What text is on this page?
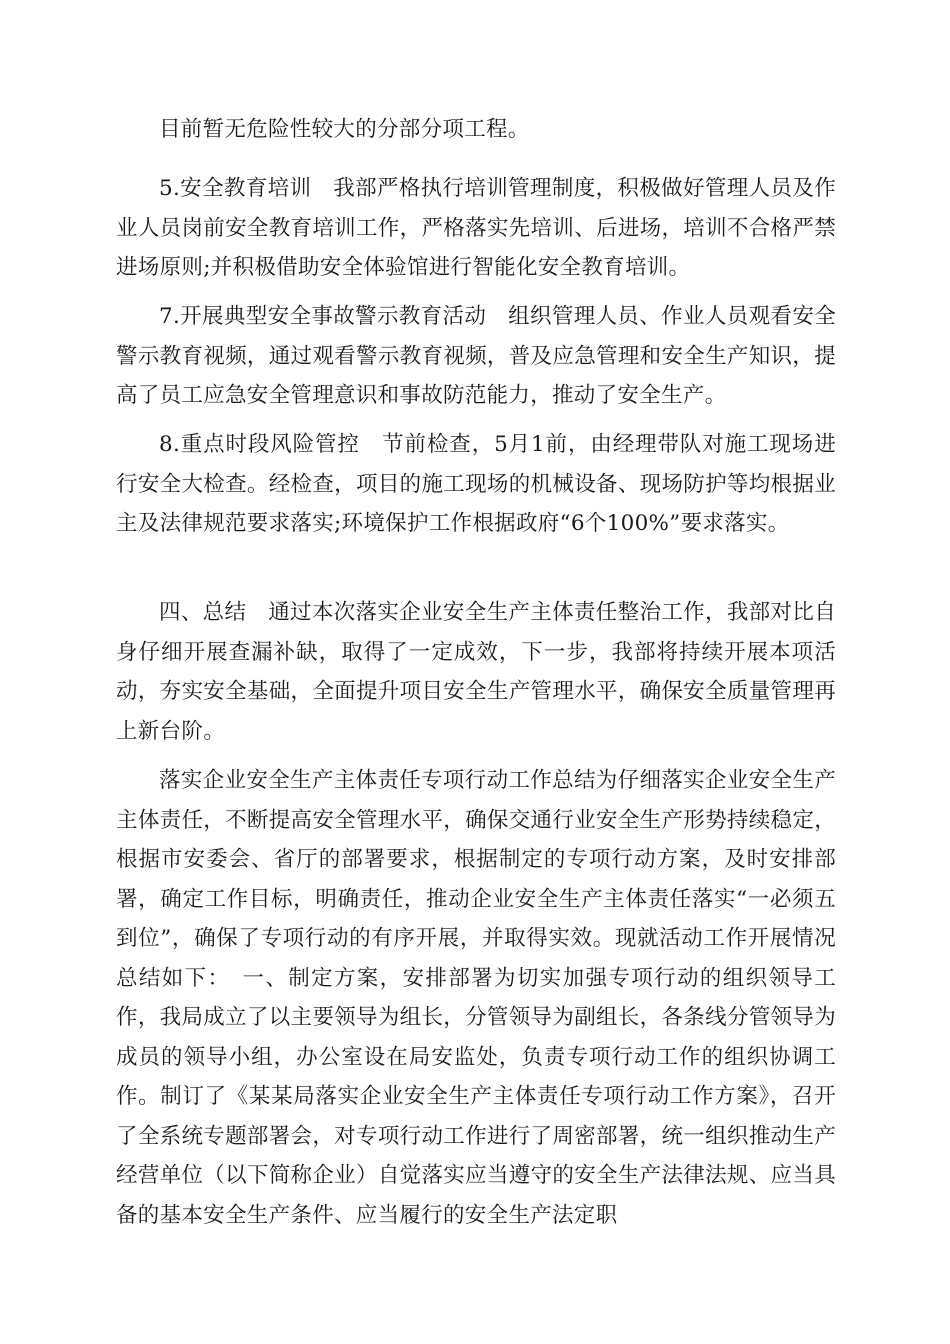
目前暂无危险性较大的分部分项工程。

5.安全教育培训　我部严格执行培训管理制度，积极做好管理人员及作业人员岗前安全教育培训工作，严格落实先培训、后进场，培训不合格严禁进场原则;并积极借助安全体验馆进行智能化安全教育培训。

7.开展典型安全事故警示教育活动　组织管理人员、作业人员观看安全警示教育视频，通过观看警示教育视频，普及应急管理和安全生产知识，提高了员工应急安全管理意识和事故防范能力，推动了安全生产。

8.重点时段风险管控　节前检查，5月1前，由经理带队对施工现场进行安全大检查。经检查，项目的施工现场的机械设备、现场防护等均根据业主及法律规范要求落实;环境保护工作根据政府“6个100%”要求落实。

四、总结　通过本次落实企业安全生产主体责任整治工作，我部对比自身仔细开展查漏补缺，取得了一定成效，下一步，我部将持续开展本项活动，夯实安全基础，全面提升项目安全生产管理水平，确保安全质量管理再上新台阶。

落实企业安全生产主体责任专项行动工作总结为仔细落实企业安全生产主体责任，不断提高安全管理水平，确保交通行业安全生产形势持续稳定，根据市安委会、省厅的部署要求，根据制定的专项行动方案，及时安排部署，确定工作目标，明确责任，推动企业安全生产主体责任落实“一必须五到位”，确保了专项行动的有序开展，并取得实效。现就活动工作开展情况总结如下：　一、制定方案，安排部署为切实加强专项行动的组织领导工作，我局成立了以主要领导为组长，分管领导为副组长，各条线分管领导为成员的领导小组，办公室设在局安监处，负责专项行动工作的组织协调工作。制订了《某某局落实企业安全生产主体责任专项行动工作方案》，召开了全系统专题部署会，对专项行动工作进行了周密部署，统一组织推动生产经营单位（以下简称企业）自觉落实应当遵守的安全生产法律法规、应当具备的基本安全生产条件、应当履行的安全生产法定职
